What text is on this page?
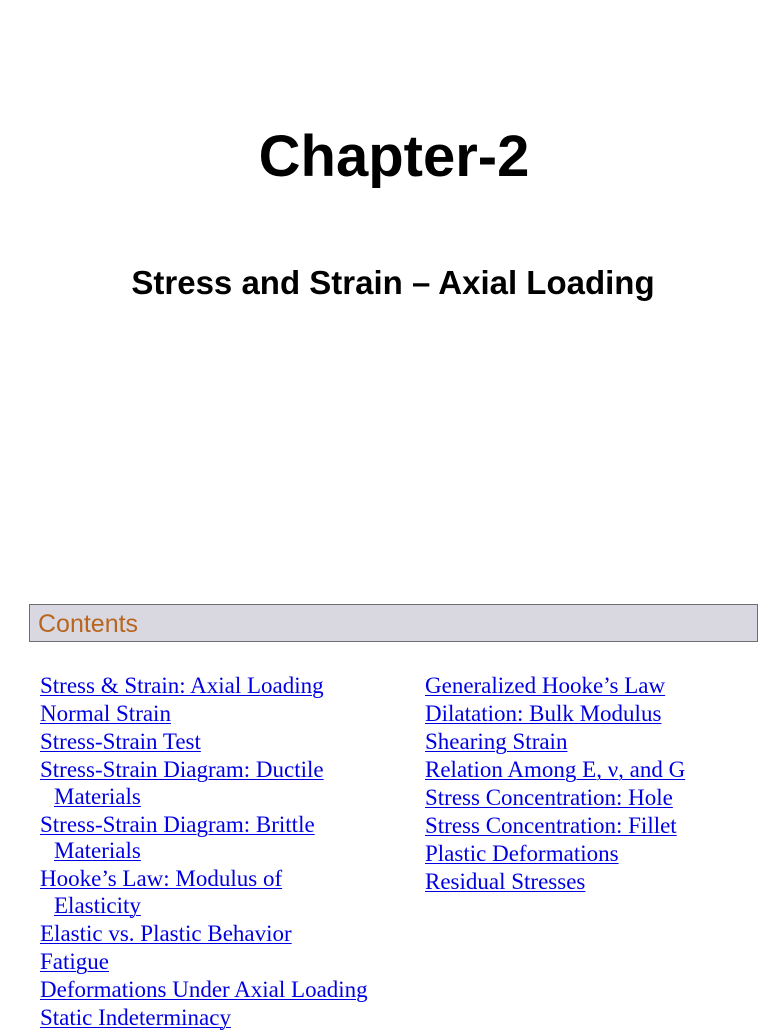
Chapter-2
Stress and Strain – Axial Loading
Contents
Stress & Strain: Axial Loading
Normal Strain
Stress-Strain Test
Stress-Strain Diagram: Ductile
Materials
Stress-Strain Diagram: Brittle
Materials
Hooke’s Law: Modulus of
Elasticity
Elastic vs. Plastic Behavior
Fatigue
Deformations Under Axial Loading
Static Indeterminacy
Generalized Hooke’s Law
Dilatation: Bulk Modulus
Shearing Strain
Relation Among E, ν, and G
Stress Concentration: Hole
Stress Concentration: Fillet
Plastic Deformations
Residual Stresses
